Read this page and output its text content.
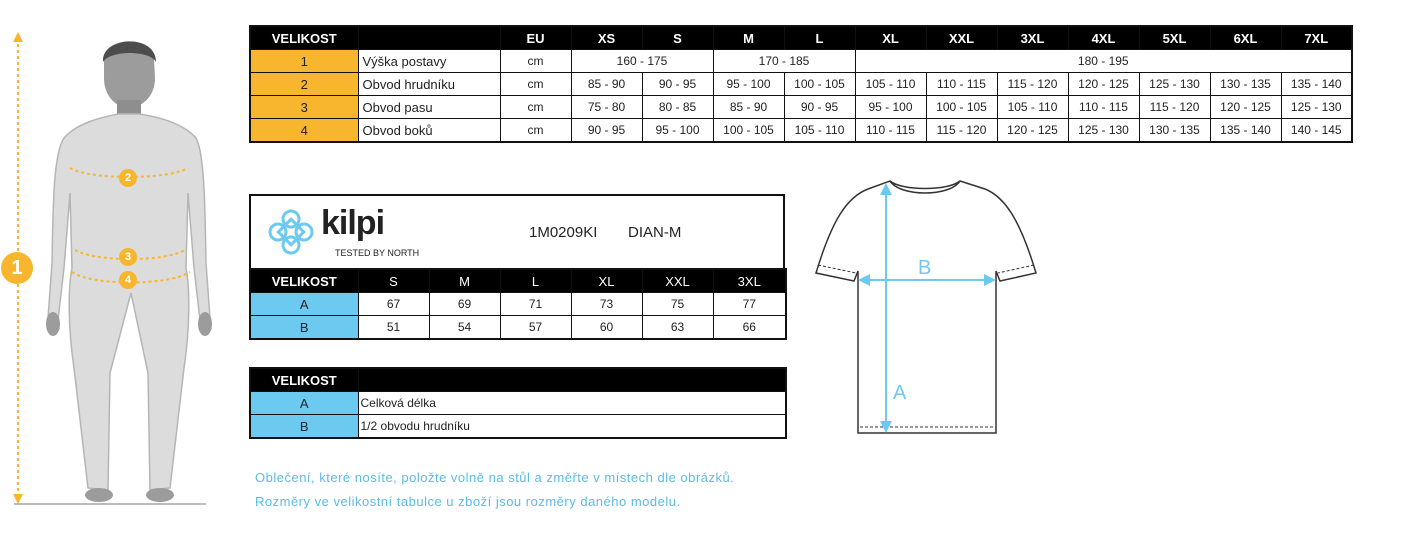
1
2
3
4
VELIKOST		EU	XS	S	M	L	XL	XXL	3XL	4XL	5XL	6XL	7XL
1	Výška postavy	cm	160 - 175		170 - 185		180 - 195						
2	Obvod hrudníku	cm	85 - 90	90 - 95	95 - 100	100 - 105	105 - 110	110 - 115	115 - 120	120 - 125	125 - 130	130 - 135	135 - 140
3	Obvod pasu	cm	75 - 80	80 - 85	85 - 90	90 - 95	95 - 100	100 - 105	105 - 110	110 - 115	115 - 120	120 - 125	125 - 130
4	Obvod boků	cm	90 - 95	95 - 100	100 - 105	105 - 110	110 - 115	115 - 120	120 - 125	125 - 130	130 - 135	135 - 140	140 - 145
kilpi
TESTED BY NORTH
1M0209KI DIAN-M
VELIKOST	S	M	L	XL	XXL	3XL
A	67	69	71	73	75	77
B	51	54	57	60	63	66
VELIKOST	
A	Celková délka
B	1/2 obvodu hrudníku
B
A
Oblečení, které nosíte, položte volně na stůl a změřte v místech dle obrázků.
Rozměry ve velikostní tabulce u zboží jsou rozměry daného modelu.
